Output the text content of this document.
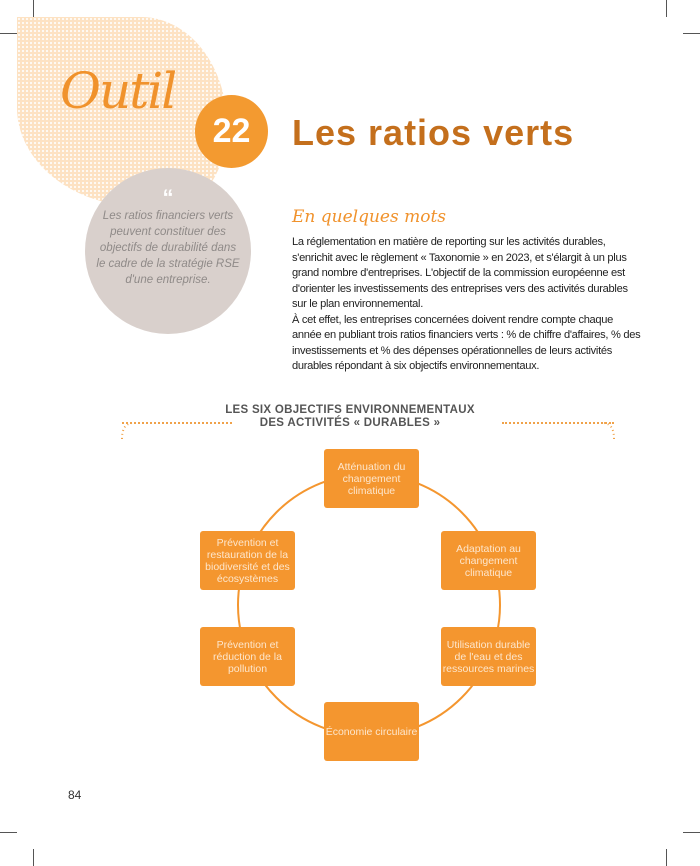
Outil
22	Les ratios verts
“
Les ratios financiers verts peuvent constituer des objectifs de durabilité dans le cadre de la stratégie RSE d'une entreprise.
En quelques mots

La réglementation en matière de reporting sur les activités durables, s'enrichit avec le règlement « Taxonomie » en 2023, et s'élargit à un plus grand nombre d'entreprises. L'objectif de la commission européenne est d'orienter les investissements des entreprises vers des activités durables sur le plan environnemental.

À cet effet, les entreprises concernées doivent rendre compte chaque année en publiant trois ratios financiers verts : % de chiffre d'affaires, % des investissements et % des dépenses opérationnelles de leurs activités durables répondant à six objectifs environnementaux.

LES SIX OBJECTIFS ENVIRONNEMENTAUX
DES ACTIVITÉS « DURABLES »
Atténuation du changement climatique
Adaptation au changement climatique
Utilisation durable de l'eau et des ressources marines
Économie circulaire
Prévention et réduction de la pollution
Prévention et restauration de la biodiversité et des écosystèmes
84
